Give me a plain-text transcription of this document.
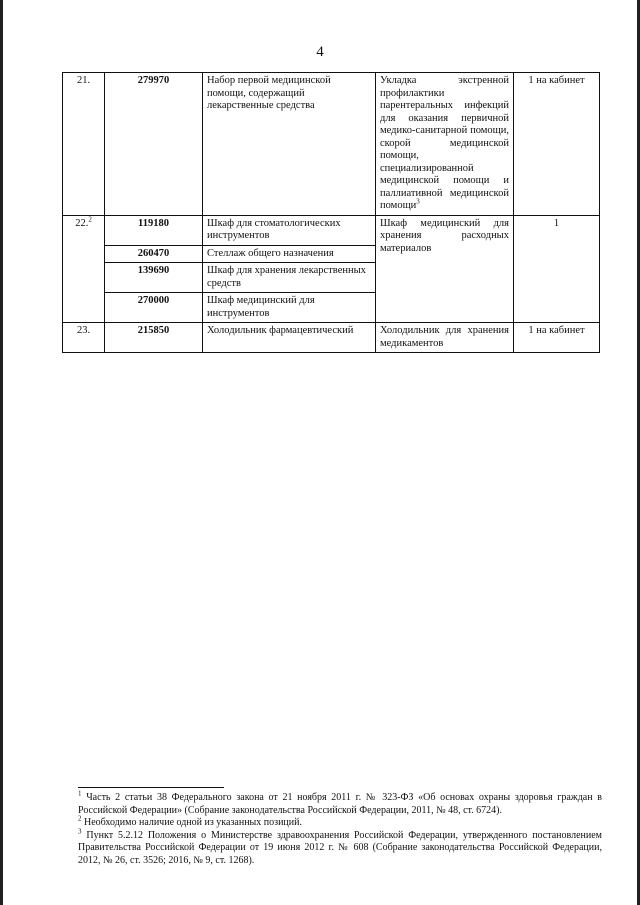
4
21.	279970	Набор первой медицинской помощи, содержащий лекарственные средства	Укладка экстренной профилактики парентеральных инфекций для оказания первичной медико-санитарной помощи, скорой медицинской помощи, специализированной медицинской помощи и паллиативной медицинской помощи$^3$	1 на кабинет
22.$^2$	119180	Шкаф для стоматологических инструментов	Шкаф медицинский для хранения расходных материалов	1
	260470	Стеллаж общего назначения		
	139690	Шкаф для хранения лекарственных средств		
	270000	Шкаф медицинский для инструментов		
23.	215850	Холодильник фармацевтический	Холодильник для хранения медикаментов	1 на кабинет

$^1$ Часть 2 статьи 38 Федерального закона от 21 ноября 2011 г. № 323-ФЗ «Об основах охраны здоровья граждан в Российской Федерации» (Собрание законодательства Российской Федерации, 2011, № 48, ст. 6724).

$^2$ Необходимо наличие одной из указанных позиций.

$^3$ Пункт 5.2.12 Положения о Министерстве здравоохранения Российской Федерации, утвержденного постановлением Правительства Российской Федерации от 19 июня 2012 г. № 608 (Собрание законодательства Российской Федерации, 2012, № 26, ст. 3526; 2016, № 9, ст. 1268).
